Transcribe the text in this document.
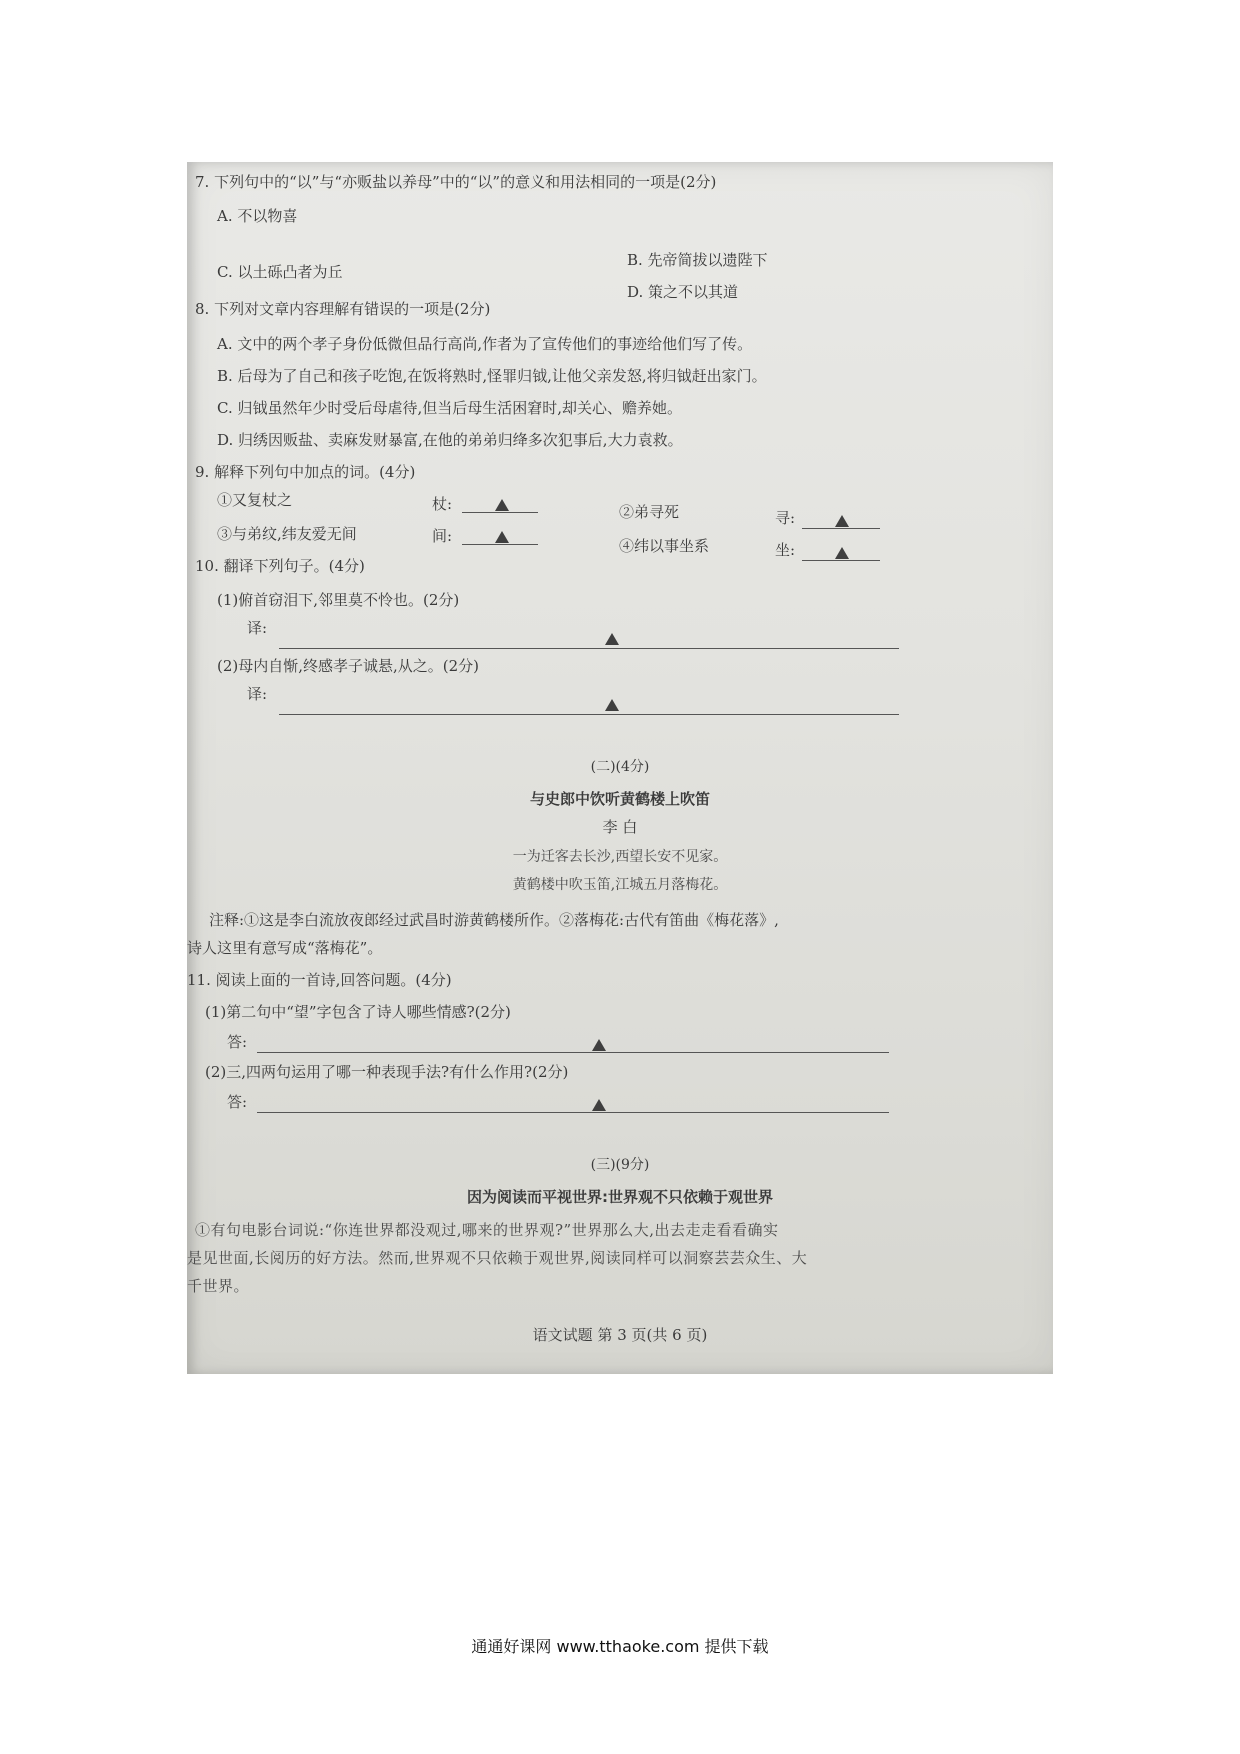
7. 下列句中的“以”与“亦贩盐以养母”中的“以”的意义和用法相同的一项是(2分)
A. 不以物喜
B. 先帝简拔以遗陛下
C. 以土砾凸者为丘
D. 策之不以其道
8. 下列对文章内容理解有错误的一项是(2分)
A. 文中的两个孝子身份低微但品行高尚,作者为了宣传他们的事迹给他们写了传。
B. 后母为了自己和孩子吃饱,在饭将熟时,怪罪归钺,让他父亲发怒,将归钺赶出家门。
C. 归钺虽然年少时受后母虐待,但当后母生活困窘时,却关心、赡养她。
D. 归绣因贩盐、卖麻发财暴富,在他的弟弟归绛多次犯事后,大力袁救。
9. 解释下列句中加点的词。(4分)
①又复杖之	杖:	②弟寻死	寻:
③与弟纹,纬友爱无间	间:
④纬以事坐系	坐:
10. 翻译下列句子。(4分)
(1)俯首窃泪下,邻里莫不怜也。(2分)
译:
(2)母内自惭,终感孝子诚悬,从之。(2分)
译:
(二)(4分)
与史郎中饮听黄鹤楼上吹笛
李 白
一为迁客去长沙,西望长安不见家。
黄鹤楼中吹玉笛,江城五月落梅花。
注释:①这是李白流放夜郎经过武昌时游黄鹤楼所作。②落梅花:古代有笛曲《梅花落》,
诗人这里有意写成“落梅花”。
11. 阅读上面的一首诗,回答问题。(4分)
(1)第二句中“望”字包含了诗人哪些情感?(2分)
答:
(2)三,四两句运用了哪一种表现手法?有什么作用?(2分)
答:
(三)(9分)
因为阅读而平视世界:世界观不只依赖于观世界
①有句电影台词说:“你连世界都没观过,哪来的世界观?”世界那么大,出去走走看看确实
是见世面,长阅历的好方法。然而,世界观不只依赖于观世界,阅读同样可以洞察芸芸众生、大
千世界。
语文试题 第 3 页(共 6 页)
通通好课网 www.tthaoke.com 提供下载
